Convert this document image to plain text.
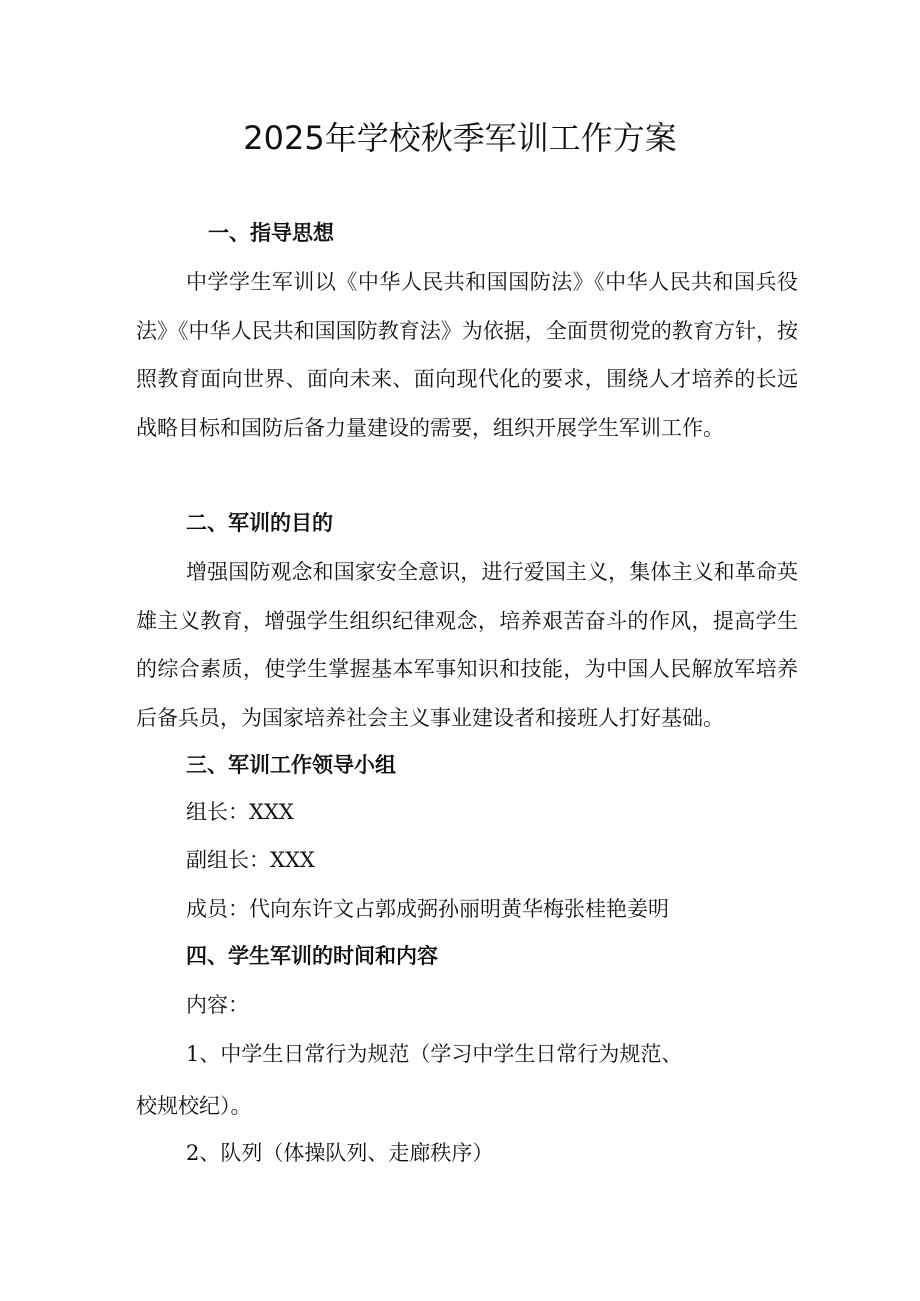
2025年学校秋季军训工作方案
一、指导思想

中学学生军训以《中华人民共和国国防法》《中华人民共和国兵役法》《中华人民共和国国防教育法》为依据，全面贯彻党的教育方针，按照教育面向世界、面向未来、面向现代化的要求，围绕人才培养的长远战略目标和国防后备力量建设的需要，组织开展学生军训工作。

二、军训的目的

增强国防观念和国家安全意识，进行爱国主义，集体主义和革命英雄主义教育，增强学生组织纪律观念，培养艰苦奋斗的作风，提高学生的综合素质，使学生掌握基本军事知识和技能，为中国人民解放军培养后备兵员，为国家培养社会主义事业建设者和接班人打好基础。

三、军训工作领导小组

组长：XXX

副组长：XXX

成员：代向东许文占郭成弼孙丽明黄华梅张桂艳姜明

四、学生军训的时间和内容

内容：

1、中学生日常行为规范（学习中学生日常行为规范、

校规校纪）。

2、队列（体操队列、走廊秩序）
